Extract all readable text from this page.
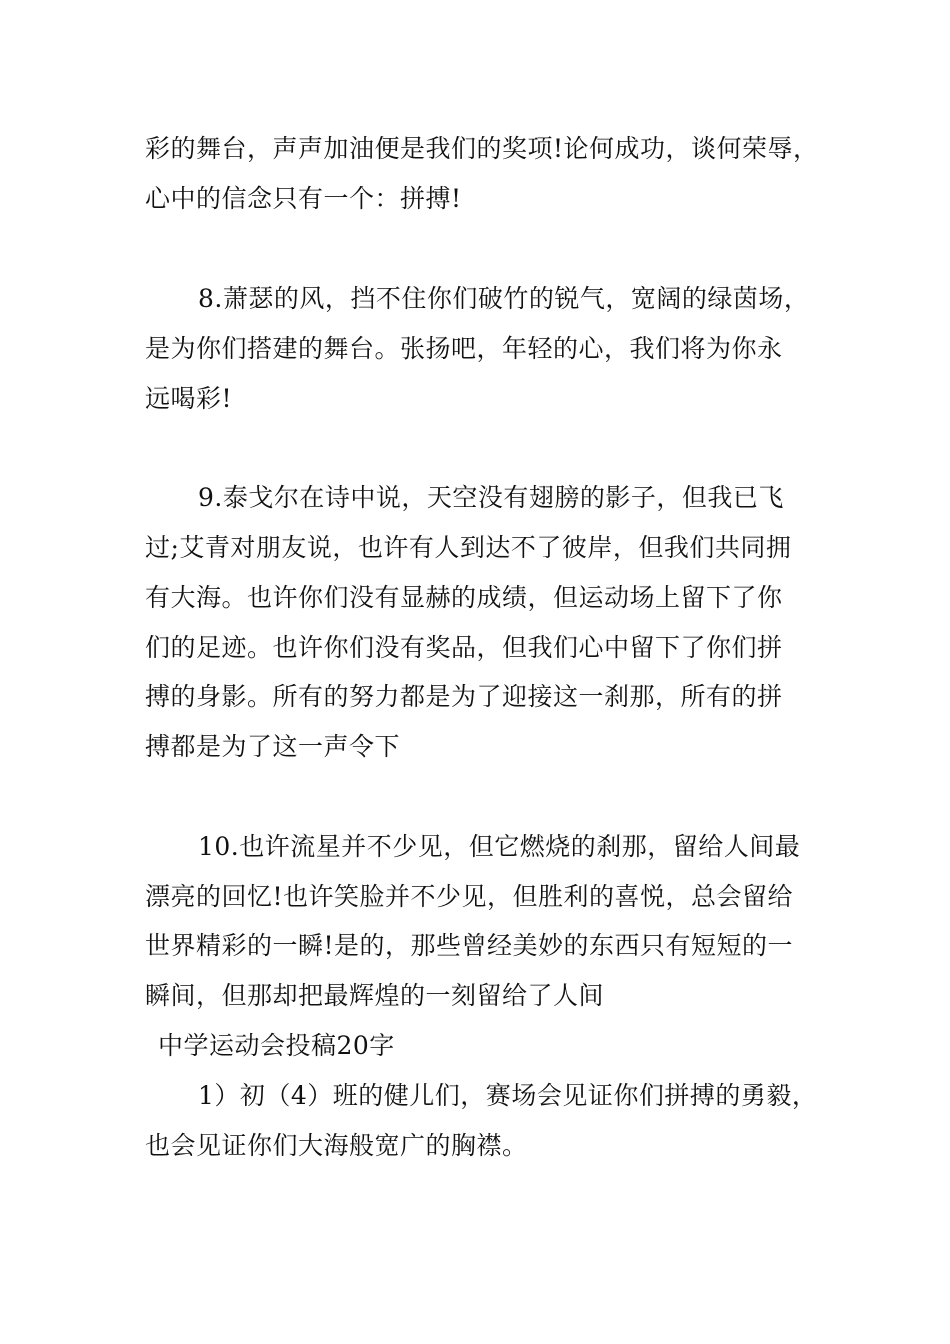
彩的舞台，声声加油便是我们的奖项!论何成功，谈何荣辱，
心中的信念只有一个：拼搏!
8.萧瑟的风，挡不住你们破竹的锐气，宽阔的绿茵场，
是为你们搭建的舞台。张扬吧，年轻的心，我们将为你永
远喝彩!
9.泰戈尔在诗中说，天空没有翅膀的影子，但我已飞
过;艾青对朋友说，也许有人到达不了彼岸，但我们共同拥
有大海。也许你们没有显赫的成绩，但运动场上留下了你
们的足迹。也许你们没有奖品，但我们心中留下了你们拼
搏的身影。所有的努力都是为了迎接这一刹那，所有的拼
搏都是为了这一声令下
10.也许流星并不少见，但它燃烧的刹那，留给人间最
漂亮的回忆!也许笑脸并不少见，但胜利的喜悦，总会留给
世界精彩的一瞬!是的，那些曾经美妙的东西只有短短的一
瞬间，但那却把最辉煌的一刻留给了人间
中学运动会投稿20字
1）初（4）班的健儿们，赛场会见证你们拼搏的勇毅，
也会见证你们大海般宽广的胸襟。
